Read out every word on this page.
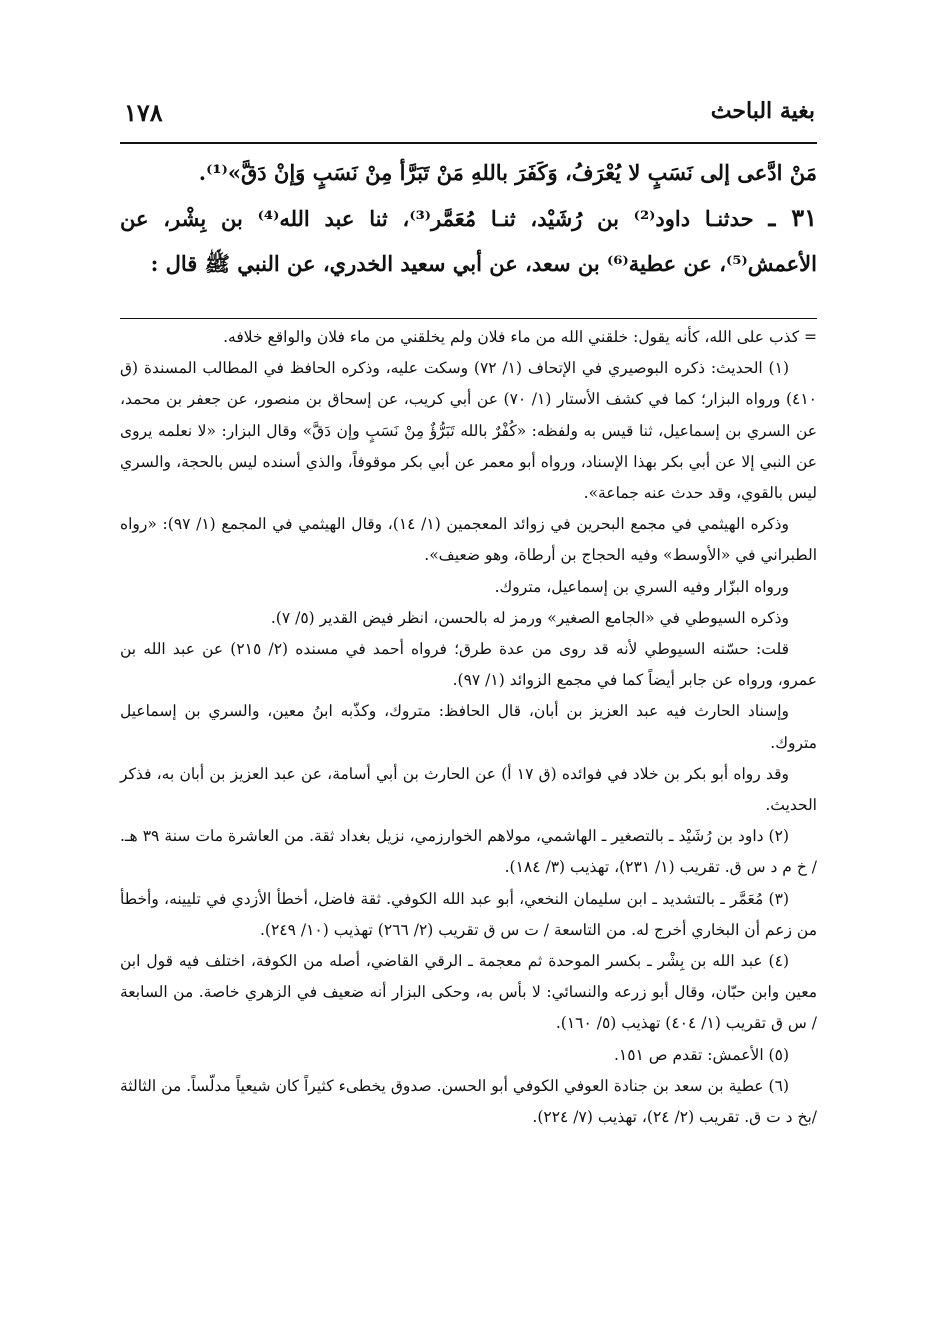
١٧٨	بغية الباحث

مَنْ ادَّعى إلى نَسَبٍ لا يُعْرَفُ، وَكَفَرَ باللهِ مَنْ تَبَرَّأ مِنْ نَسَبٍ وَإنْ دَقَّ»⁽¹⁾.

٣١ ـ حدثنـا داود⁽²⁾ بن رُشَيْد، ثنـا مُعَمَّر⁽³⁾، ثنا عبد الله⁽⁴⁾ بن بِشْر، عن الأعمش⁽⁵⁾، عن عطية⁽⁶⁾ بن سعد، عن أبي سعيد الخدري، عن النبي ﷺ قال :

= كذب على الله، كأنه يقول: خلقني الله من ماء فلان ولم يخلقني من ماء فلان والواقع خلافه.

(١) الحديث: ذكره البوصيري في الإتحاف (١/ ٧٢) وسكت عليه، وذكره الحافظ في المطالب المسندة (ق ٤١٠) ورواه البزار؛ كما في كشف الأستار (١/ ٧٠) عن أبي كريب، عن إسحاق بن منصور، عن جعفر بن محمد، عن السري بن إسماعيل، ثنا قيس به ولفظه: «كُفْرٌ بالله تَبَرُّؤٌ مِنْ نَسَبٍ وإن دَقَّ» وقال البزار: «لا نعلمه يروى عن النبي إلا عن أبي بكر بهذا الإسناد، ورواه أبو معمر عن أبي بكر موقوفاً، والذي أسنده ليس بالحجة، والسري ليس بالقوي، وقد حدث عنه جماعة».

وذكره الهيثمي في مجمع البحرين في زوائد المعجمين (١/ ١٤)، وقال الهيثمي في المجمع (١/ ٩٧): «رواه الطبراني في «الأوسط» وفيه الحجاج بن أرطاة، وهو ضعيف».

ورواه البزّار وفيه السري بن إسماعيل، متروك.

وذكره السيوطي في «الجامع الصغير» ورمز له بالحسن، انظر فيض القدير (٥/ ٧).

قلت: حسّنه السيوطي لأنه قد روى من عدة طرق؛ فرواه أحمد في مسنده (٢/ ٢١٥) عن عبد الله بن عمرو، ورواه عن جابر أيضاً كما في مجمع الزوائد (١/ ٩٧).

وإسناد الحارث فيه عبد العزيز بن أبان، قال الحافظ: متروك، وكذّبه ابنُ معين، والسري بن إسماعيل متروك.

وقد رواه أبو بكر بن خلاد في فوائده (ق ١٧ أ) عن الحارث بن أبي أسامة، عن عبد العزيز بن أبان به، فذكر الحديث.

(٢) داود بن رُشَيْد ـ بالتصغير ـ الهاشمي، مولاهم الخوارزمي، نزيل بغداد ثقة. من العاشرة مات سنة ٣٩ هـ. / خ م د س ق. تقريب (١/ ٢٣١)، تهذيب (٣/ ١٨٤).

(٣) مُعَمَّر ـ بالتشديد ـ ابن سليمان النخعي، أبو عبد الله الكوفي. ثقة فاضل، أخطأ الأزدي في تليينه، وأخطأ من زعم أن البخاري أخرج له. من التاسعة / ت س ق تقريب (٢/ ٢٦٦) تهذيب (١٠/ ٢٤٩).

(٤) عبد الله بن بِشْر ـ بكسر الموحدة ثم معجمة ـ الرقي القاضي، أصله من الكوفة، اختلف فيه قول ابن معين وابن حبّان، وقال أبو زرعه والنسائي: لا بأس به، وحكى البزار أنه ضعيف في الزهري خاصة. من السابعة / س ق تقريب (١/ ٤٠٤) تهذيب (٥/ ١٦٠).

(٥) الأعمش: تقدم ص ١٥١.

(٦) عطية بن سعد بن جنادة العوفي الكوفي أبو الحسن. صدوق يخطىء كثيراً كان شيعياً مدلّساً. من الثالثة /بخ د ت ق. تقريب (٢/ ٢٤)، تهذيب (٧/ ٢٢٤).
